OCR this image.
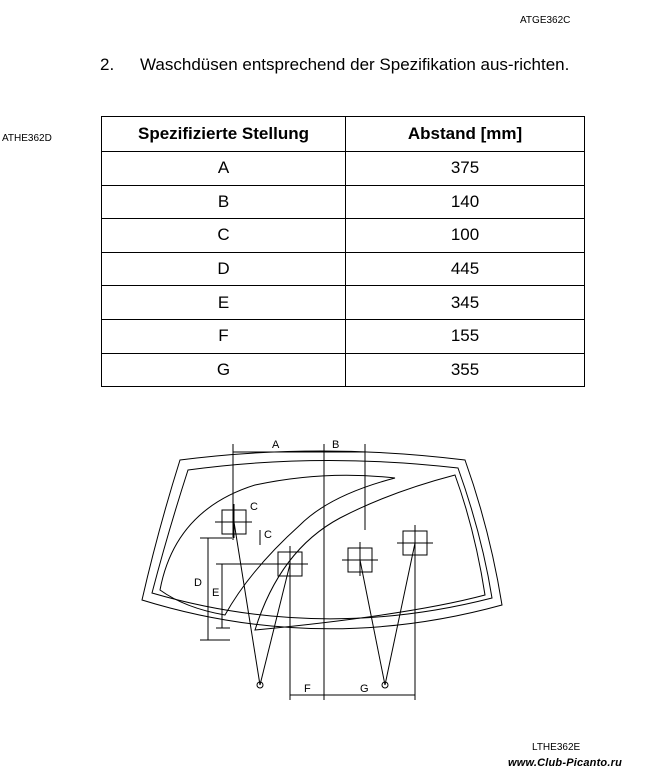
ATGE362C
ATHE362D
2. Waschdüsen entsprechend der Spezifikation aus-richten.
Spezifizierte Stellung	Abstand [mm]
A	375
B	140
C	100
D	445
E	345
F	155
G	355
A	B
C
C
D
E
F	G
LTHE362E
www.Club-Picanto.ru
